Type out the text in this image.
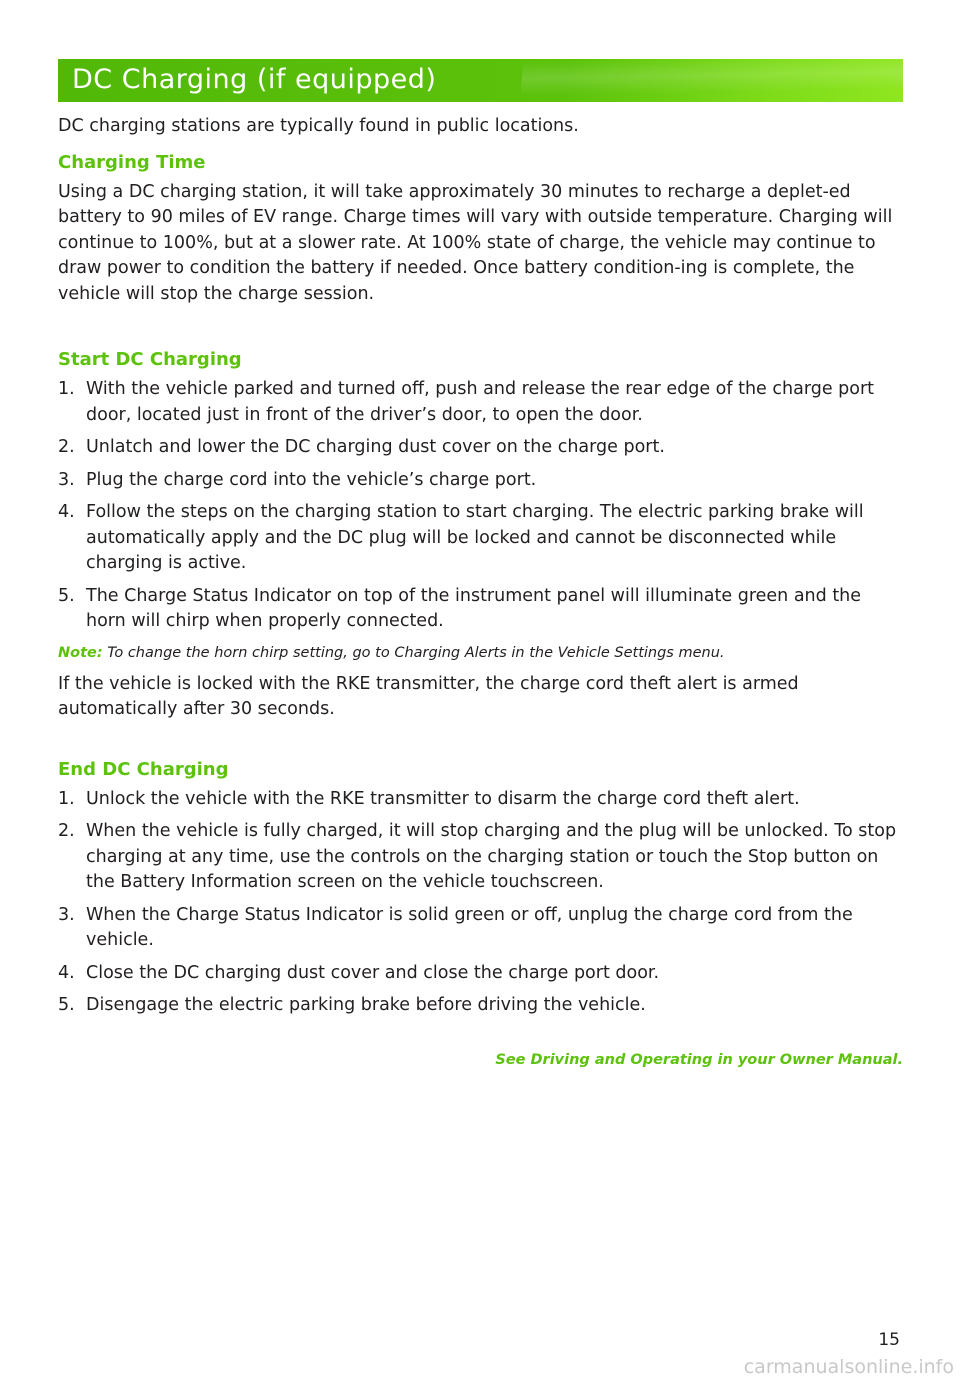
DC Charging (if equipped)

DC charging stations are typically found in public locations.

Charging Time

Using a DC charging station, it will take approximately 30 minutes to recharge a deplet-ed battery to 90 miles of EV range. Charge times will vary with outside temperature. Charging will continue to 100%, but at a slower rate. At 100% state of charge, the vehicle may continue to draw power to condition the battery if needed. Once battery condition-ing is complete, the vehicle will stop the charge session.

Start DC Charging
1. With the vehicle parked and turned off, push and release the rear edge of the charge port door, located just in front of the driver’s door, to open the door.
2. Unlatch and lower the DC charging dust cover on the charge port.
3. Plug the charge cord into the vehicle’s charge port.
4. Follow the steps on the charging station to start charging. The electric parking brake will automatically apply and the DC plug will be locked and cannot be disconnected while charging is active.
5. The Charge Status Indicator on top of the instrument panel will illuminate green and the horn will chirp when properly connected.

Note: To change the horn chirp setting, go to Charging Alerts in the Vehicle Settings menu.

If the vehicle is locked with the RKE transmitter, the charge cord theft alert is armed automatically after 30 seconds.

End DC Charging
1. Unlock the vehicle with the RKE transmitter to disarm the charge cord theft alert.
2. When the vehicle is fully charged, it will stop charging and the plug will be unlocked. To stop charging at any time, use the controls on the charging station or touch the Stop button on the Battery Information screen on the vehicle touchscreen.
3. When the Charge Status Indicator is solid green or off, unplug the charge cord from the vehicle.
4. Close the DC charging dust cover and close the charge port door.
5. Disengage the electric parking brake before driving the vehicle.
See Driving and Operating in your Owner Manual.
15
carmanualsonline.info
